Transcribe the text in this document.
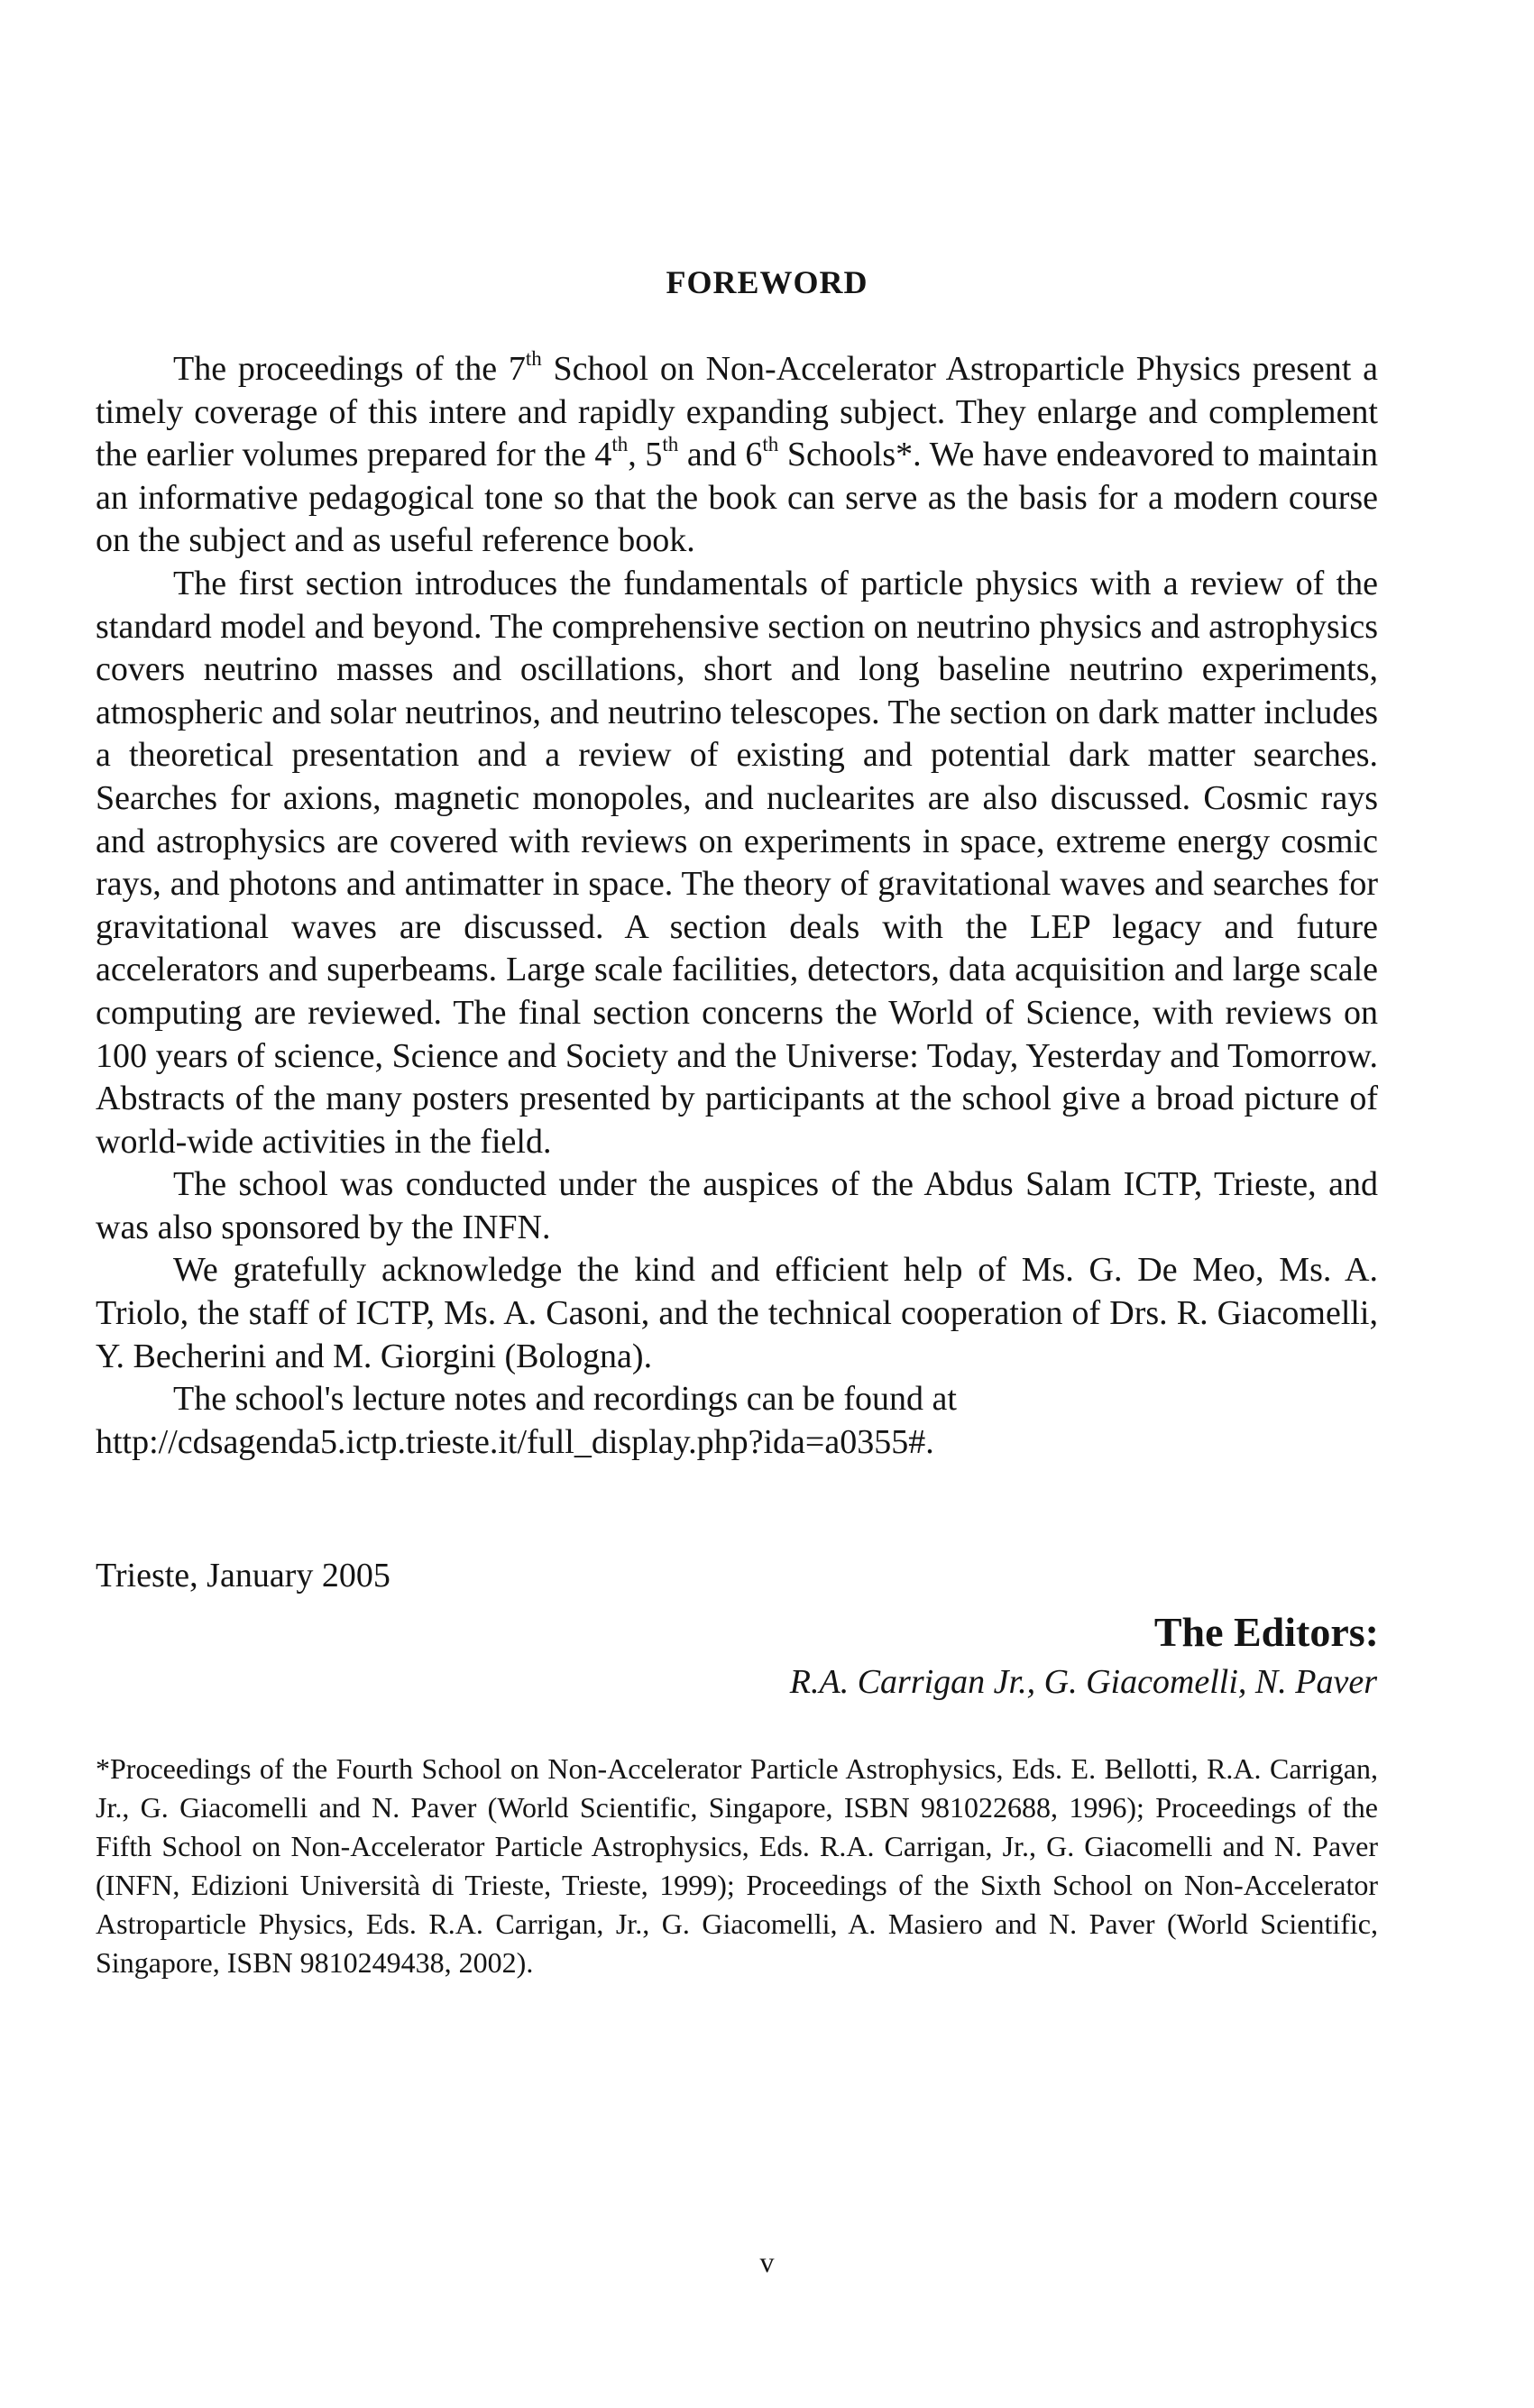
FOREWORD

The proceedings of the 7th School on Non-Accelerator Astroparticle Physics present a timely coverage of this intere and rapidly expanding subject. They enlarge and complement the earlier volumes prepared for the 4th, 5th and 6th Schools*. We have endeavored to maintain an informative pedagogical tone so that the book can serve as the basis for a modern course on the subject and as useful reference book.

The first section introduces the fundamentals of particle physics with a review of the standard model and beyond. The comprehensive section on neutrino physics and astrophysics covers neutrino masses and oscillations, short and long baseline neutrino experiments, atmospheric and solar neutrinos, and neutrino telescopes. The section on dark matter includes a theoretical presentation and a review of existing and potential dark matter searches. Searches for axions, magnetic monopoles, and nuclearites are also discussed. Cosmic rays and astrophysics are covered with reviews on experiments in space, extreme energy cosmic rays, and photons and antimatter in space. The theory of gravitational waves and searches for gravitational waves are discussed. A section deals with the LEP legacy and future accelerators and superbeams. Large scale facilities, detectors, data acquisition and large scale computing are reviewed. The final section concerns the World of Science, with reviews on 100 years of science, Science and Society and the Universe: Today, Yesterday and Tomorrow. Abstracts of the many posters presented by participants at the school give a broad picture of world-wide activities in the field.

The school was conducted under the auspices of the Abdus Salam ICTP, Trieste, and was also sponsored by the INFN.

We gratefully acknowledge the kind and efficient help of Ms. G. De Meo, Ms. A. Triolo, the staff of ICTP, Ms. A. Casoni, and the technical cooperation of Drs. R. Giacomelli, Y. Becherini and M. Giorgini (Bologna).

The school's lecture notes and recordings can be found at
http://cdsagenda5.ictp.trieste.it/full_display.php?ida=a0355#.

Trieste, January 2005
The Editors:
R.A. Carrigan Jr., G. Giacomelli, N. Paver
*Proceedings of the Fourth School on Non-Accelerator Particle Astrophysics, Eds. E. Bellotti, R.A. Carrigan, Jr., G. Giacomelli and N. Paver (World Scientific, Singapore, ISBN 981022688, 1996); Proceedings of the Fifth School on Non-Accelerator Particle Astrophysics, Eds. R.A. Carrigan, Jr., G. Giacomelli and N. Paver (INFN, Edizioni Università di Trieste, Trieste, 1999); Proceedings of the Sixth School on Non-Accelerator Astroparticle Physics, Eds. R.A. Carrigan, Jr., G. Giacomelli, A. Masiero and N. Paver (World Scientific, Singapore, ISBN 9810249438, 2002).
v
